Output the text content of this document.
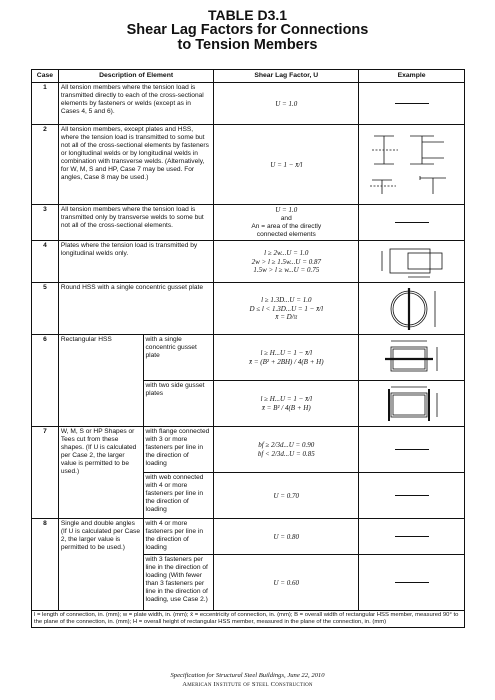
TABLE D3.1
Shear Lag Factors for Connections
to Tension Members
Case	Description of Element		Shear Lag Factor, U	Example
1	All tension members where the tension load is transmitted directly to each of the cross-sectional elements by fasteners or welds (except as in Cases 4, 5 and 6).		U = 1.0	
2	All tension members, except plates and HSS, where the tension load is transmitted to some but not all of the cross-sectional elements by fasteners or longitudinal welds or by longitudinal welds in combination with transverse welds. (Alternatively, for W, M, S and HP, Case 7 may be used. For angles, Case 8 may be used.)		U = 1 − x̄/l	

3	All tension members where the tension load is transmitted only by transverse welds to some but not all of the cross-sectional elements.		U = 1.0
and
An = area of the directly
connected elements	

4	Plates where the tension load is transmitted by longitudinal welds only.		l ≥ 2w...U = 1.0
2w > l ≥ 1.5w...U = 0.87
1.5w > l ≥ w...U = 0.75

5	Round HSS with a single concentric gusset plate		l ≥ 1.3D...U = 1.0
D ≤ l < 1.3D...U = 1 − x̄/l
x̄ = D/π

6	Rectangular HSS	with a single concentric gusset plate	l ≥ H...U = 1 − x̄/l
x̄ = (B² + 2BH) / 4(B + H)

		with two side gusset plates	l ≥ H...U = 1 − x̄/l
x̄ = B² / 4(B + H)

7	W, M, S or HP Shapes or Tees cut from these shapes. (If U is calculated per Case 2, the larger value is permitted to be used.)	with flange connected with 3 or more fasteners per line in the direction of loading	bf ≥ 2/3d...U = 0.90
bf < 2/3d...U = 0.85	

		with web connected with 4 or more fasteners per line in the direction of loading	U = 0.70	
8	Single and double angles (If U is calculated per Case 2, the larger value is permitted to be used.)	with 4 or more fasteners per line in the direction of loading	U = 0.80	
		with 3 fasteners per line in the direction of loading (With fewer than 3 fasteners per line in the direction of loading, use Case 2.)	U = 0.60	
l = length of connection, in. (mm); w = plate width, in. (mm); x̄ = eccentricity of connection, in. (mm); B = overall width of rectangular HSS member, measured 90° to the plane of the connection, in. (mm); H = overall height of rectangular HSS member, measured in the plane of the connection, in. (mm)				
Specification for Structural Steel Buildings, June 22, 2010
American Institute of Steel Construction
